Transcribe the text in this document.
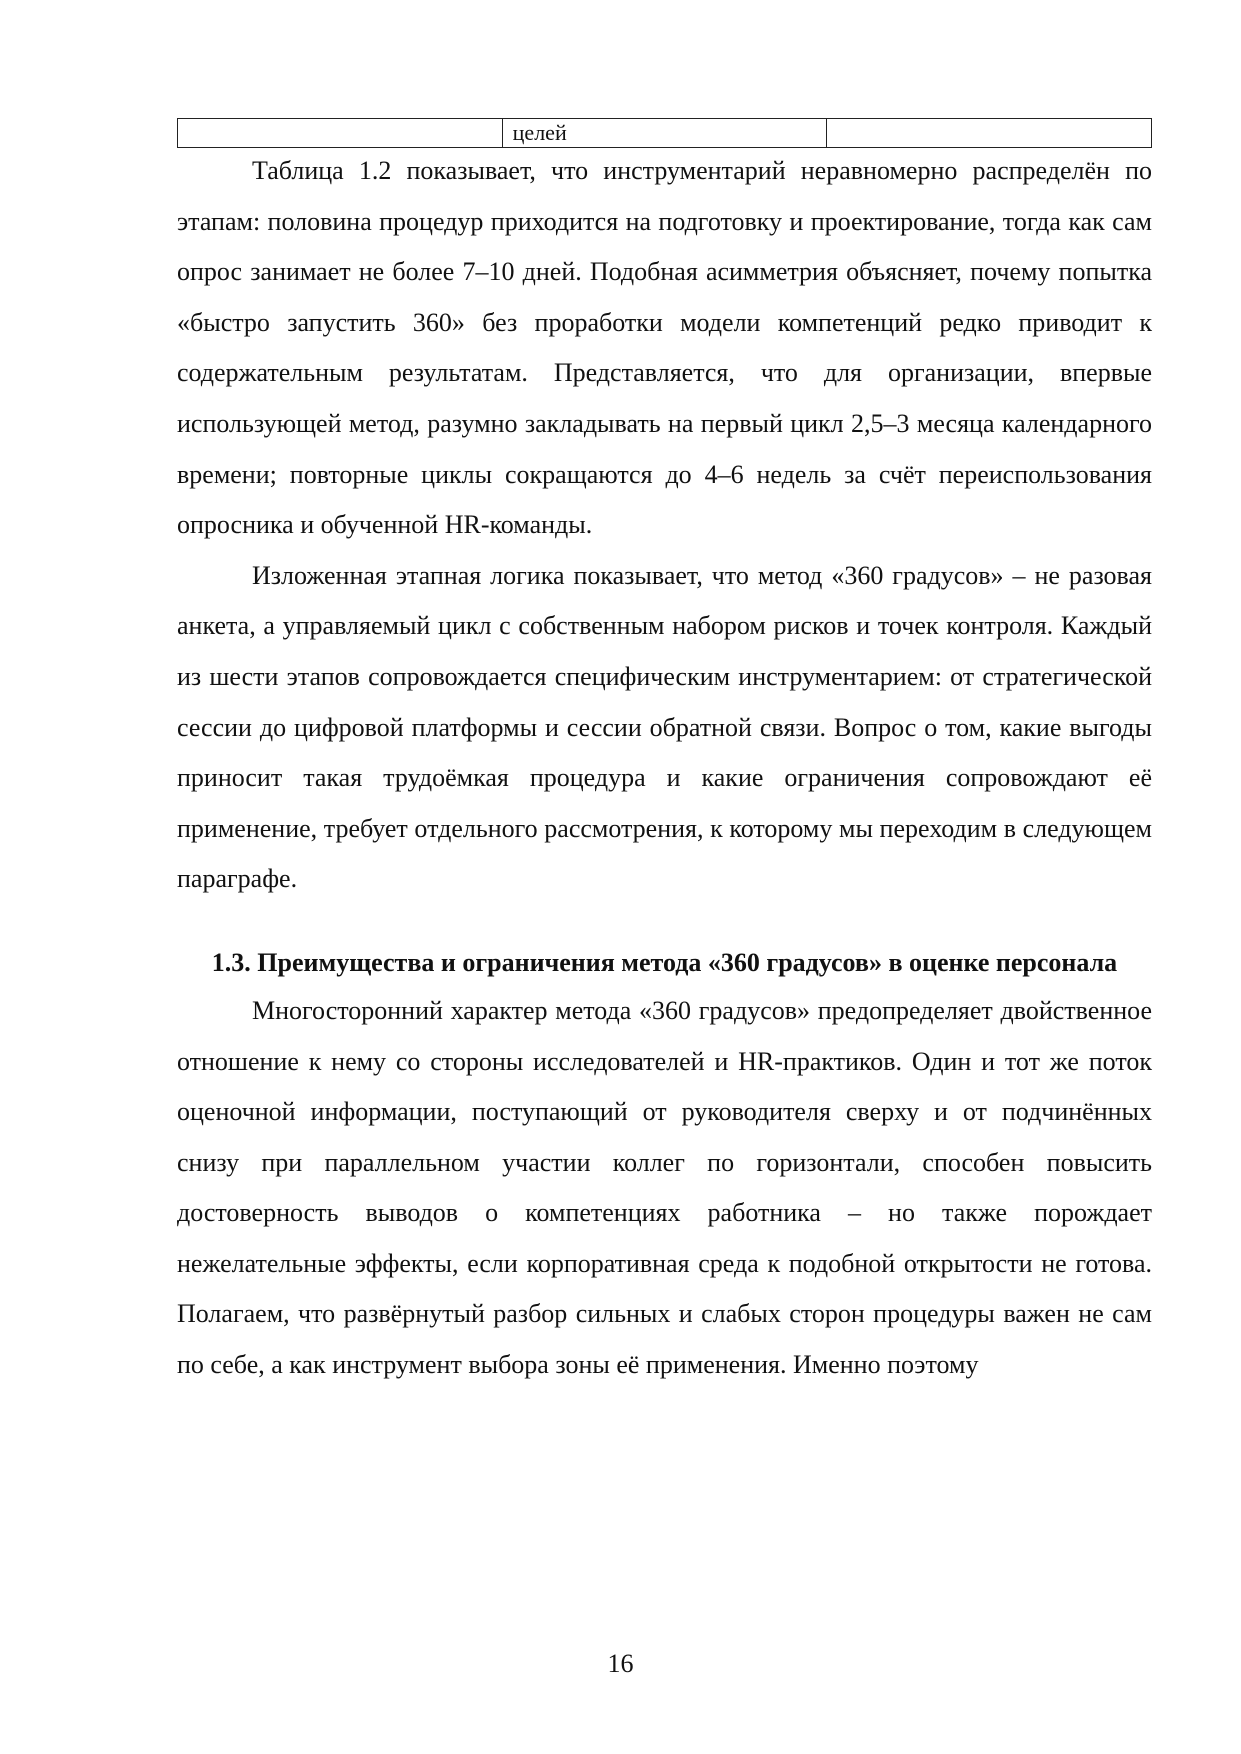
	целей	

Таблица 1.2 показывает, что инструментарий неравномерно распределён по этапам: половина процедур приходится на подготовку и проектирование, тогда как сам опрос занимает не более 7–10 дней. Подобная асимметрия объясняет, почему попытка «быстро запустить 360» без проработки модели компетенций редко приводит к содержательным результатам. Представляется, что для организации, впервые использующей метод, разумно закладывать на первый цикл 2,5–3 месяца календарного времени; повторные циклы сокращаются до 4–6 недель за счёт переиспользования опросника и обученной HR-команды.

Изложенная этапная логика показывает, что метод «360 градусов» – не разовая анкета, а управляемый цикл с собственным набором рисков и точек контроля. Каждый из шести этапов сопровождается специфическим инструментарием: от стратегической сессии до цифровой платформы и сессии обратной связи. Вопрос о том, какие выгоды приносит такая трудоёмкая процедура и какие ограничения сопровождают её применение, требует отдельного рассмотрения, к которому мы переходим в следующем параграфе.

1.3. Преимущества и ограничения метода «360 градусов» в оценке персонала

Многосторонний характер метода «360 градусов» предопределяет двойственное отношение к нему со стороны исследователей и HR-практиков. Один и тот же поток оценочной информации, поступающий от руководителя сверху и от подчинённых снизу при параллельном участии коллег по горизонтали, способен повысить достоверность выводов о компетенциях работника – но также порождает нежелательные эффекты, если корпоративная среда к подобной открытости не готова. Полагаем, что развёрнутый разбор сильных и слабых сторон процедуры важен не сам по себе, а как инструмент выбора зоны её применения. Именно поэтому

16
